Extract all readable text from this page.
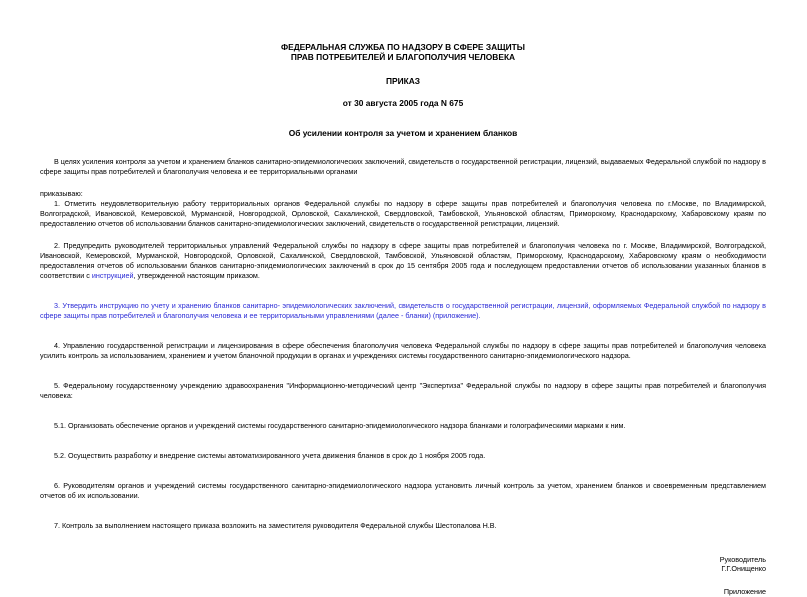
ФЕДЕРАЛЬНАЯ СЛУЖБА ПО НАДЗОРУ В СФЕРЕ ЗАЩИТЫ
ПРАВ ПОТРЕБИТЕЛЕЙ И БЛАГОПОЛУЧИЯ ЧЕЛОВЕКА
ПРИКАЗ
от 30 августа 2005 года N 675
Об усилении контроля за учетом и хранением бланков

В целях усиления контроля за учетом и хранением бланков санитарно-эпидемиологических заключений, свидетельств о государственной регистрации, лицензий, выдаваемых Федеральной службой по надзору в сфере защиты прав потребителей и благополучия человека и ее территориальными органами

приказываю:

1. Отметить неудовлетворительную работу территориальных органов Федеральной службы по надзору в сфере защиты прав потребителей и благополучия человека по г.Москве, по Владимирской, Волгоградской, Ивановской, Кемеровской, Мурманской, Новгородской, Орловской, Сахалинской, Свердловской, Тамбовской, Ульяновской областям, Приморскому, Краснодарскому, Хабаровскому краям по предоставлению отчетов об использовании бланков санитарно-эпидемиологических заключений, свидетельств о государственной регистрации, лицензий.

2. Предупредить руководителей территориальных управлений Федеральной службы по надзору в сфере защиты прав потребителей и благополучия человека по г. Москве, Владимирской, Волгоградской, Ивановской, Кемеровской, Мурманской, Новгородской, Орловской, Сахалинской, Свердловской, Тамбовской, Ульяновской областям, Приморскому, Краснодарскому, Хабаровскому краям о необходимости предоставления отчетов об использовании бланков санитарно-эпидемиологических заключений в срок до 15 сентября 2005 года и последующем предоставлении отчетов об использовании указанных бланков в соответствии с инструкцией, утвержденной настоящим приказом.

3. Утвердить инструкцию по учету и хранению бланков санитарно- эпидемиологических заключений, свидетельств о государственной регистрации, лицензий, оформляемых Федеральной службой по надзору в сфере защиты прав потребителей и благополучия человека и ее территориальными управлениями (далее - бланки) (приложение).

4. Управлению государственной регистрации и лицензирования в сфере обеспечения благополучия человека Федеральной службы по надзору в сфере защиты прав потребителей и благополучия человека усилить контроль за использованием, хранением и учетом бланочной продукции в органах и учреждениях системы государственного санитарно-эпидемиологического надзора.

5. Федеральному государственному учреждению здравоохранения "Информационно-методический центр "Экспертиза" Федеральной службы по надзору в сфере защиты прав потребителей и благополучия человека:

5.1. Организовать обеспечение органов и учреждений системы государственного санитарно-эпидемиологического надзора бланками и голографическими марками к ним.

5.2. Осуществить разработку и внедрение системы автоматизированного учета движения бланков в срок до 1 ноября 2005 года.

6. Руководителям органов и учреждений системы государственного санитарно-эпидемиологического надзора установить личный контроль за учетом, хранением бланков и своевременным представлением отчетов об их использовании.

7. Контроль за выполнением настоящего приказа возложить на заместителя руководителя Федеральной службы Шестопалова Н.В.

Руководитель
Г.Г.Онищенко
Приложение
